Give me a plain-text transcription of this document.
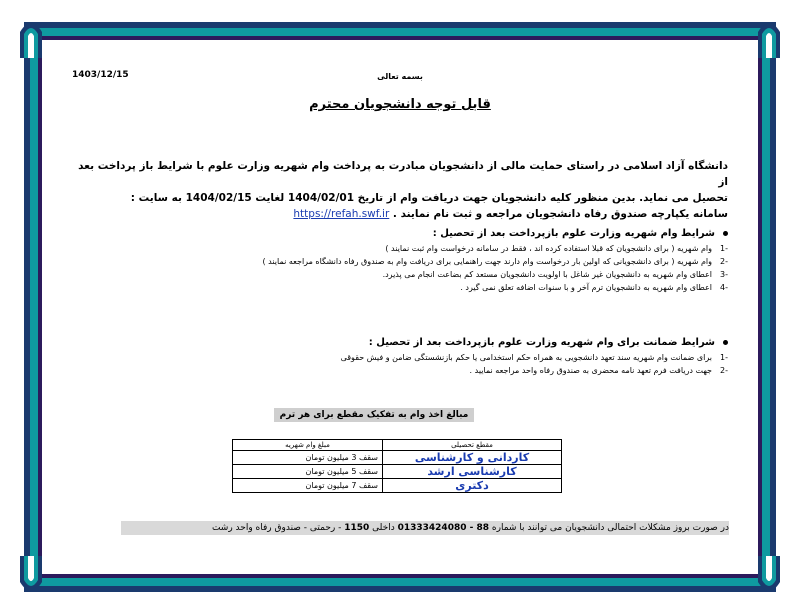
1403/12/15	بسمه تعالی
قابل توجه دانشجویان محترم
دانشگاه آزاد اسلامی در راستای حمایت مالی از دانشجویان مبادرت به پرداخت وام شهریه وزارت علوم با شرایط باز پرداخت بعد از
تحصیل می نماید. بدین منظور کلیه دانشجویان جهت دریافت وام از تاریخ 1404/02/01 لغایت 1404/02/15 به سایت :
سامانه یکپارچه صندوق رفاه دانشجویان مراجعه و ثبت نام نمایند . https://refah.swf.ir
شرایط وام شهریه وزارت علوم بازپرداخت بعد از تحصیل :
-1وام شهریه ( برای دانشجویان که قبلا استفاده کرده اند ، فقط در سامانه درخواست وام ثبت نمایند )
-2وام شهریه ( برای دانشجویانی که اولین بار درخواست وام دارند جهت راهنمایی برای دریافت وام به صندوق رفاه دانشگاه مراجعه نمایند )
-3اعطای وام شهریه به دانشجویان غیر شاغل با اولویت دانشجویان مستعد کم بضاعت انجام می پذیرد.
-4اعطای وام شهریه به دانشجویان ترم آخر و با سنوات اضافه تعلق نمی گیرد .
شرایط ضمانت برای وام شهریه وزارت علوم بازپرداخت بعد از تحصیل :
-1برای ضمانت وام شهریه سند تعهد دانشجویی به همراه حکم استخدامی یا حکم بازنشستگی ضامن و فیش حقوقی
-2جهت دریافت فرم تعهد نامه محضری به صندوق رفاه واحد مراجعه نمایید .
مبالغ اخذ وام به تفکیک مقطع برای هر ترم
مقطع تحصیلی	مبلغ وام شهریه
کاردانی و کارشناسی	سقف 3 میلیون تومان
کارشناسی ارشد	سقف 5 میلیون تومان
دکتری	سقف 7 میلیون تومان
در صورت بروز مشکلات احتمالی دانشجویان می توانند با شماره 88 - 01333424080 داخلی 1150 - رحمتی - صندوق رفاه واحد رشت
